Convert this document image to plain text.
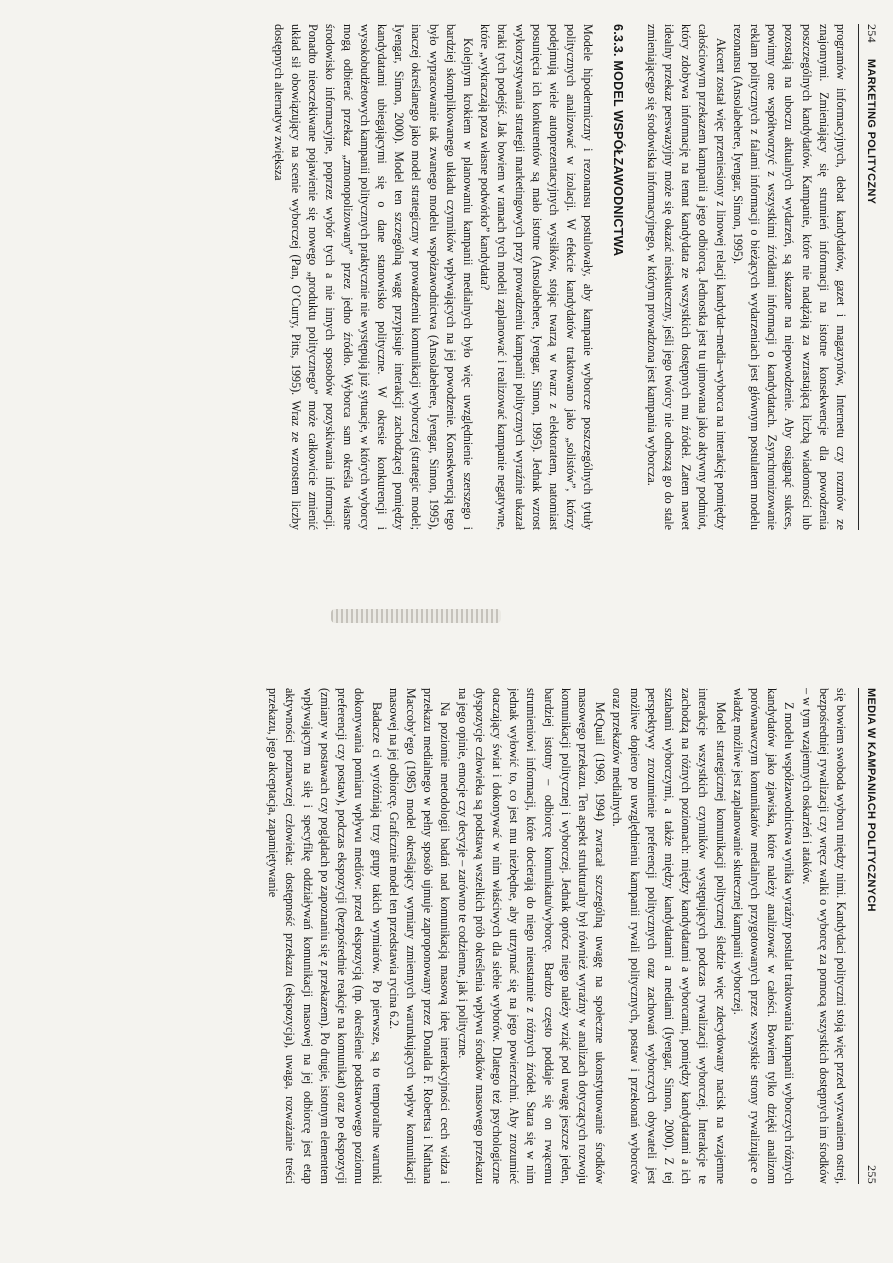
254
MARKETING POLITYCZNY

programów informacyjnych, debat kandydatów, gazet i magazynów, Internetu czy rozmów ze znajomymi. Zmieniający się strumień informacji na istotne konsekwencje dla powodzenia poszczególnych kandydatów. Kampanie, które nie nadążają za wzrastającą liczbą wiadomości lub pozostają na uboczu aktualnych wydarzeń, są skazane na niepowodzenie. Aby osiągnąć sukces, powinny one współtworzyć z wszystkimi źródłami informacji o kandydatach. Zsynchronizowanie reklam politycznych z falami informacji o bieżących wydarzeniach jest głównym postulatem modelu rezonansu (Ansolabehere, Iyengar, Simon, 1995).

Akcent został więc przeniesiony z linowej relacji kandydat–media–wyborca na interakcję pomiędzy całościowym przekazem kampanii a jego odbiorcą. Jednostka jest tu ujmowana jako aktywny podmiot, który zdobywa informację na temat kandydata ze wszystkich dostępnych mu źródeł. Zatem nawet idealny przekaz perswazyjny może się okazać nieskuteczny, jeśli jego twórcy nie odnoszą go do stale zmieniającego się środowiska informacyjnego, w którym prowadzona jest kampania wyborcza.

6.3.3. MODEL WSPÓŁZAWODNICTWA

Modele hipodermiczny i rezonansu postulowały, aby kampanie wyborcze poszczególnych tytuły politycznych analizować w izolacji. W efekcie kandydatów traktowano jako „solistów”, którzy podejmują wiele autoprezentacyjnych wysiłków, stojąc twarzą w twarz z elektoratem, natomiast posunięcia ich konkurentów są mało istotne (Ansolabehere, Iyengar, Simon, 1995). Jednak wzrost wykorzystywania strategii marketingowych przy prowadzeniu kampanii politycznych wyraźnie ukazał braki tych podejść. Jak bowiem w ramach tych modeli zaplanować i realizować kampanie negatywne, które „wykraczają poza własne podwórko” kandydata?

Kolejnym krokiem w planowaniu kampanii medialnych było więc uwzględnienie szerszego i bardziej skomplikowanego układu czynników wpływających na jej powodzenie. Konsekwencją tego było wypracowanie tak zwanego modelu współzawodnictwa (Ansolabehere, Iyengar, Simon, 1995), inaczej określanego jako model strategiczny w prowadzeniu komunikacji wyborczej (strategic model; Iyengar, Simon, 2000). Model ten szczególną wagę przypisuje interakcji zachodzącej pomiędzy kandydatami ubiegającymi się o dane stanowisko polityczne. W okresie konkurencji i wysokobudżetowych kampanii politycznych praktycznie nie występują już sytuacje, w których wyborcy mogą odbierać przekaz „zmonopolizowany” przez jedno źródło. Wyborca sam określa własne środowisko informacyjne, poprzez wybór tych a nie innych sposobów pozyskiwania informacji. Ponadto nieoczekiwane pojawienie się nowego „produktu politycznego” może całkowicie zmienić układ sił obowiązujący na scenie wyborczej (Pan, O’Curry, Pitts, 1995). Wraz ze wzrostem liczby dostępnych alternatyw zwiększa

MEDIA W KAMPANIACH POLITYCZNYCH
255

się bowiem swoboda wyboru między nimi. Kandydaci polityczni stoją więc przed wyzwaniem ostrej, bezpośredniej rywalizacji czy wręcz walki o wyborcę za pomocą wszystkich dostępnych im środków – w tym wzajemnych oskarżeń i ataków.

Z modelu współzawodnictwa wynika wyraźny postulat traktowania kampanii wyborczych różnych kandydatów jako zjawiska, które należy analizować w całości. Bowiem tylko dzięki analizom porównawczym komunikatów medialnych przygotowanych przez wszystkie strony rywalizujące o władzę możliwe jest zaplanowanie skutecznej kampanii wyborczej.

Model strategicznej komunikacji politycznej śledzie więc zdecydowany nacisk na wzajemne interakcje wszystkich czynników występujących podczas rywalizacji wyborczej. Interakcje te zachodzą na różnych poziomach: między kandydatami a wyborcami, pomiędzy kandydatami a ich sztabami wyborczymi, a także między kandydatami a mediami (Iyengar, Simon, 2000). Z tej perspektywy zrozumienie preferencji politycznych oraz zachowań wyborczych obywateli jest możliwe dopiero po uwzględnieniu kampanii rywali politycznych, postaw i przekonań wyborców oraz przekazów medialnych.

McQuail (1969, 1994) zwracał szczególną uwagę na społeczne ukonstytuowanie środków masowego przekazu. Ten aspekt strukturalny był również wyraźny w analizach dotyczących rozwoju komunikacji politycznej i wyborczej. Jednak oprócz niego należy wziąć pod uwagę jeszcze jeden, bardziej istotny – odbiorcę komunikatu/wyborcę. Bardzo często poddaje się on rwącemu strumieniowi informacji, które docierają do niego nieustannie z różnych źródeł. Stara się w nim jednak wyłowić to, co jest mu niezbędne, aby utrzymać się na jego powierzchni. Aby zrozumieć otaczający świat i dokonywać w nim właściwych dla siebie wyborów. Dlatego też psychologiczne dyspozycje człowieka są podstawą wszelkich prób określenia wpływu środków masowego przekazu na jego opinie, emocje czy decyzje – zarówno te codzienne, jak i polityczne.

Na poziomie metodologii badań nad komunikacją masową ideę interakcyjności cech widza i przekazu medialnego w pełny sposób ujmuje zaproponowany przez Donalda F. Robertsa i Nathana Maccoby’ego (1985) model określający wymiary zmiennych warunkujących wpływ komunikacji masowej na jej odbiorcę. Graficznie model ten przedstawia rycina 6.2.

Badacze ci wyróżniają trzy grupy takich wymiarów. Po pierwsze, są to temporalne warunki dokonywania pomiaru wpływu mediów: przed ekspozycją (np. określenie podstawowego poziomu preferencji czy postaw), podczas ekspozycji (bezpośrednie reakcje na komunikat) oraz po ekspozycji (zmiany w postawach czy poglądach po zapoznaniu się z przekazem). Po drugie, istotnym elementem wpływającym na siłę i specyfikę oddziaływań komunikacji masowej na jej odbiorcę jest etap aktywności poznawczej człowieka: dostępność przekazu (ekspozycja), uwaga, rozważanie treści przekazu, jego akceptacja, zapamiętywanie
